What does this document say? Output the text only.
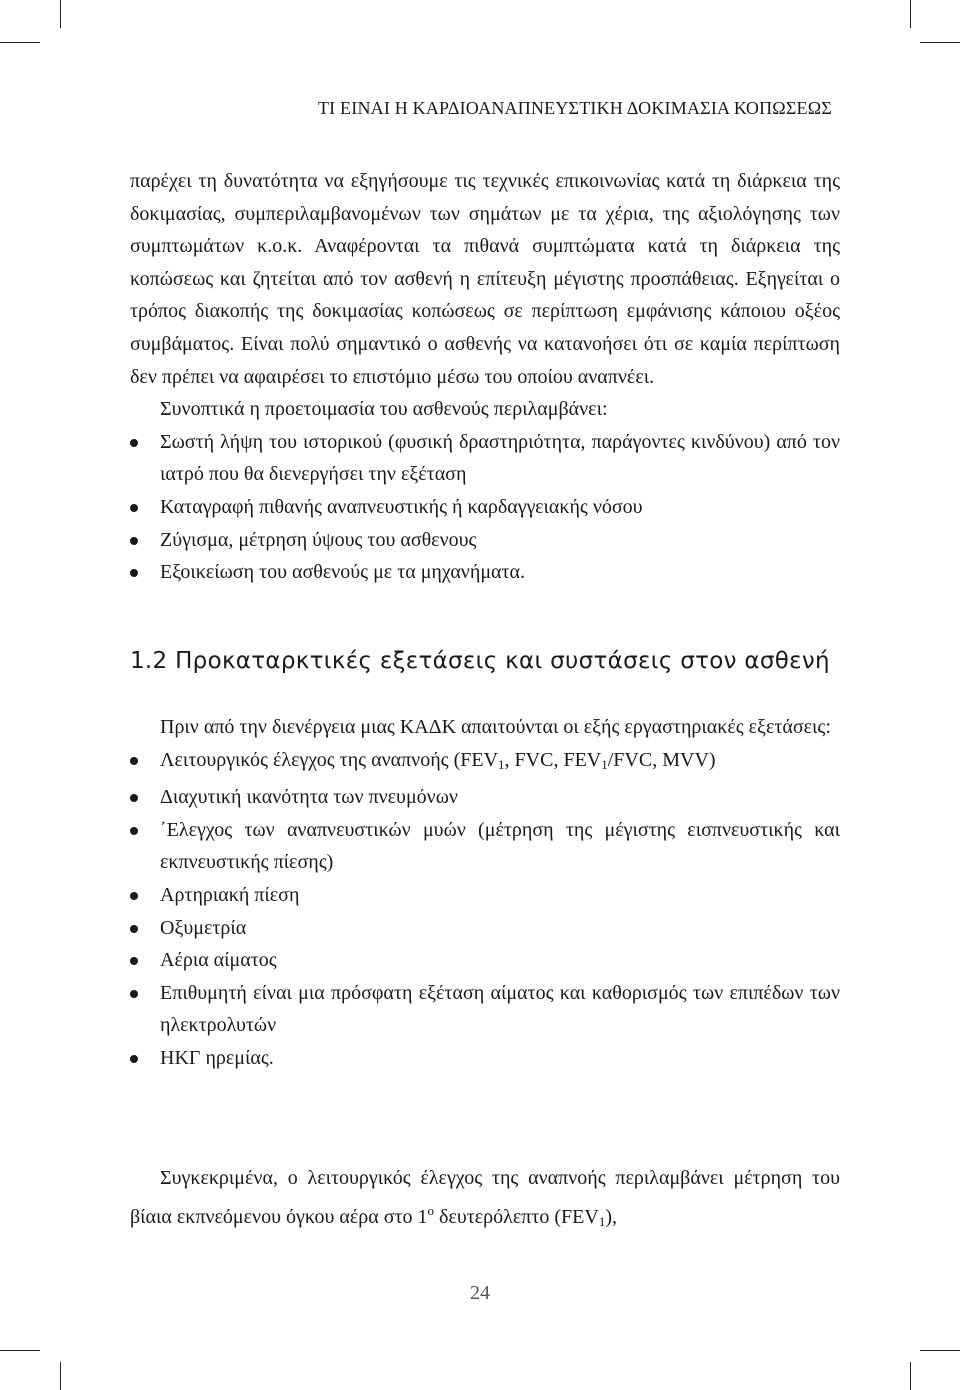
ΤΙ ΕΙΝΑΙ Η ΚΑΡΔΙΟΑΝΑΠΝΕΥΣΤΙΚΗ ΔΟΚΙΜΑΣΙΑ ΚΟΠΩΣΕΩΣ
παρέχει τη δυνατότητα να εξηγήσουμε τις τεχνικές επικοινωνίας κατά τη διάρκεια της δοκιμασίας, συμπεριλαμβανομένων των σημάτων με τα χέρια, της αξιολόγησης των συμπτωμάτων κ.ο.κ. Αναφέρονται τα πιθανά συμπτώματα κατά τη διάρκεια της κοπώσεως και ζητείται από τον ασθενή η επίτευξη μέγιστης προσπάθειας. Εξηγείται ο τρόπος διακοπής της δοκιμασίας κοπώσεως σε περίπτωση εμφάνισης κάποιου οξέος συμβάματος. Είναι πολύ σημαντικό ο ασθενής να κατανοήσει ότι σε καμία περίπτωση δεν πρέπει να αφαιρέσει το επιστόμιο μέσω του οποίου αναπνέει.
Συνοπτικά η προετοιμασία του ασθενούς περιλαμβάνει:
Σωστή λήψη του ιστορικού (φυσική δραστηριότητα, παράγοντες κινδύνου) από τον ιατρό που θα διενεργήσει την εξέταση
Καταγραφή πιθανής αναπνευστικής ή καρδαγγειακής νόσου
Ζύγισμα, μέτρηση ύψους του ασθενους
Εξοικείωση του ασθενούς με τα μηχανήματα.
1.2 Προκαταρκτικές εξετάσεις και συστάσεις στον ασθενή
Πριν από την διενέργεια μιας ΚΑΔΚ απαιτούνται οι εξής εργαστηριακές εξετάσεις:
Λειτουργικός έλεγχος της αναπνοής ($FEV_1$, FVC, $FEV_1$/FVC, MVV)
Διαχυτική ικανότητα των πνευμόνων
΄Ελεγχος των αναπνευστικών μυών (μέτρηση της μέγιστης εισπνευστικής και εκπνευστικής πίεσης)
Αρτηριακή πίεση
Οξυμετρία
Αέρια αίματος
Επιθυμητή είναι μια πρόσφατη εξέταση αίματος και καθορισμός των επιπέδων των ηλεκτρολυτών
ΗΚΓ ηρεμίας.
Συγκεκριμένα, ο λειτουργικός έλεγχος της αναπνοής περιλαμβάνει μέτρηση του βίαια εκπνεόμενου όγκου αέρα στο $1^o$ δευτερόλεπτο $(FEV_1)$,
24
